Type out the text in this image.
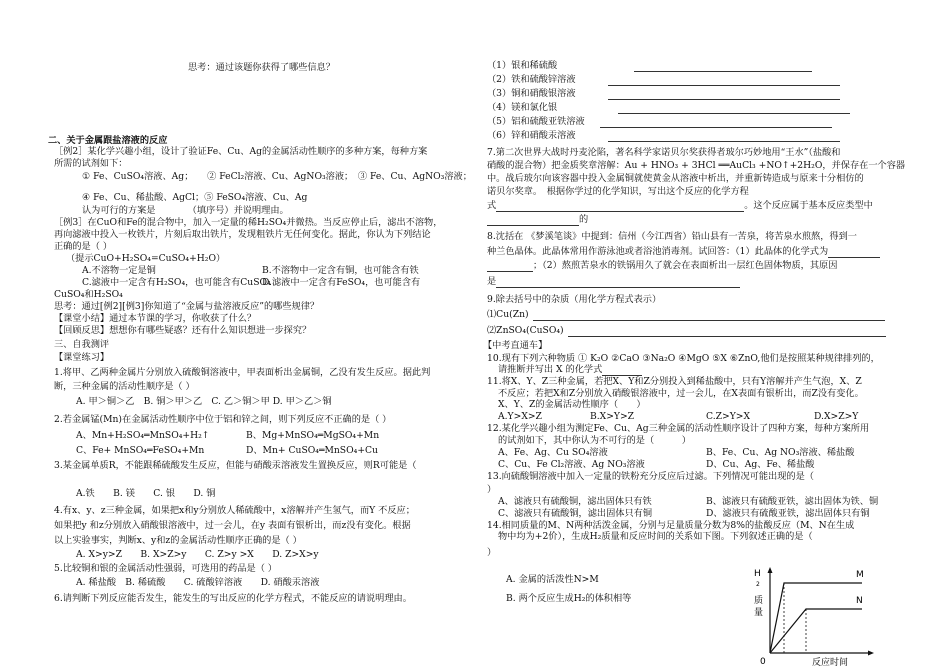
思考：通过该题你获得了哪些信息？
二、关于金属跟盐溶液的反应
［例2］某化学兴趣小组，设计了验证Fe、Cu、Ag的金属活动性顺序的多种方案，每种方案
所需的试剂如下：
① Fe、CuSO₄溶液、Ag；　　② FeCl₂溶液、Cu、AgNO₃溶液；　③ Fe、Cu、AgNO₃溶液；
④ Fe、Cu、稀盐酸、AgCl；⑤ FeSO₄溶液、Cu、Ag
认为可行的方案是　　　　（填序号）并说明理由。
［例3］在CuO和Fe的混合物中，加入一定量的稀H₂SO₄并微热。当反应停止后，滤出不溶物，
再向滤液中投入一枚铁片，片刻后取出铁片，发现粗铁片无任何变化。据此，你认为下列结论
正确的是（ ）
（提示CuO+H₂SO₄=CuSO₄+H₂O）
A.不溶物一定是铜	B.不溶物中一定含有铜，也可能含有铁
C.滤液中一定含有H₂SO₄，也可能含有CuSO₄
D.滤液中一定含有FeSO₄，也可能含有
CuSO₄和H₂SO₄
思考：通过[例2][例3]你知道了“金属与盐溶液反应”的哪些规律？
【课堂小结】通过本节课的学习，你收获了什么？
【回顾反思】想想你有哪些疑惑？还有什么知识想进一步探究？
三、自我测评
【课堂练习】
1.将甲、乙两种金属片分别放入硫酸铜溶液中，甲表面析出金属铜，乙没有发生反应。据此判
断，三种金属的活动性顺序是（ ）
A. 甲＞铜＞乙　B. 铜＞甲＞乙　C. 乙＞铜＞甲 D. 甲＞乙＞铜
2.若金属锰(Mn)在金属活动性顺序中位于铝和锌之间，则下列反应不正确的是（ ）
A、Mn+H₂SO₄═MnSO₄+H₂↑	B、Mg+MnSO₄═MgSO₄+Mn
C、Fe+ MnSO₄═FeSO₄+Mn	D、Mn+ CuSO₄═MnSO₄+Cu
3.某金属单质R，不能跟稀硫酸发生反应，但能与硝酸汞溶液发生置换反应，则R可能是（
A.铁　　B. 镁　　C. 银　　D. 铜
4.有x、y、z三种金属，如果把x和y分别放人稀硫酸中，x溶解并产生氢气，而Y 不反应；
如果把y 和z分别放入硝酸银溶液中，过一会儿，在y 表面有银析出，而z没有变化。根据
以上实验事实，判断x、y和z的金属活动性顺序正确的是（ ）
A. X>y>Z　　B. X>Z>y　　C. Z>y >X　　D. Z>X>y
5.比较铜和银的金属活动性强弱，可选用的药品是（ ）
A. 稀盐酸　B. 稀硫酸　　C. 硫酸锌溶液　　D. 硝酸汞溶液
6.请判断下列反应能否发生，能发生的写出反应的化学方程式，不能反应的请说明理由。
（1）银和稀硫酸
（2）铁和硫酸锌溶液
（3）铜和硝酸银溶液
（4）镁和氯化银
（5）铝和硫酸亚铁溶液
（6）锌和硝酸汞溶液
7.第二次世界大战时丹麦沦陷，著名科学家诺贝尔奖获得者玻尔巧妙地用“王水”（盐酸和
硝酸的混合物）把金质奖章溶解：Au + HNO₃ + 3HCl ══AuCl₃ +NO↑+2H₂O，并保存在一个容器
中。战后玻尔向该容器中投入金属铜就使黄金从溶液中析出，并重新铸造成与原来十分相仿的
诺贝尔奖章。　根据你学过的化学知识，写出这个反应的化学方程
式	。这个反应属于基本反应类型中
的
8.沈括在 《梦溪笔谈》中提到：信州（今江西省）铅山县有一苦泉，将苦泉水煎熬，得到一
种兰色晶体。此晶体常用作游泳池或者浴池消毒剂。试回答：（1）此晶体的化学式为
；（2）熬煎苦泉水的铁锅用久了就会在表面析出一层红色固体物质，其原因
是
9.除去括号中的杂质（用化学方程式表示）
⑴Cu(Zn)
⑵ZnSO₄(CuSO₄)
【中考直通车】
10.现有下列六种物质 ① K₂O ②CaO ③Na₂O ④MgO ⑤X ⑥ZnO,他们是按照某种规律排列的，
请推断并写出 X 的化学式
11.将X、Y、Z三种金属，若把X、Y和Z分别投入到稀盐酸中，只有Y溶解并产生气泡，X、Z
不反应；若把X和Z分别放入硝酸银溶液中，过一会儿，在X表面有银析出，而Z没有变化。
X、Y、Z的金属活动性顺序（　　）
A.Y>X>Z	B.X>Y>Z	C.Z>Y>X	D.X>Z>Y
12.某化学兴趣小组为测定Fe、Cu、Ag三种金属的活动性顺序设计了四种方案，每种方案所用
的试剂如下，其中你认为不可行的是（　　　）
A、Fe、Ag、Cu SO₄溶液	B、Fe、Cu、Ag NO₃溶液、稀盐酸
C、Cu、Fe Cl₂溶液、Ag NO₃溶液	D、Cu、Ag、Fe、稀盐酸
13.向硫酸铜溶液中加入一定量的铁粉充分反应后过滤。下列情况可能出现的是（
）
A、滤液只有硫酸铜，滤出固体只有铁	B、滤液只有硫酸亚铁，滤出固体为铁、铜
C、滤液只有硫酸铜，滤出固体只有铜	D、滤液只有硫酸亚铁，滤出固体只有铜
14.相同质量的M、N两种活泼金属，分别与足量质量分数为8%的盐酸反应（M、N在生成
物中均为+2价），生成H₂质量和反应时间的关系如下图。下列叙述正确的是（
）
A. 金属的活泼性N>M
B. 两个反应生成H₂的体积相等
H
2
质
量
0	反应时间
M
N
